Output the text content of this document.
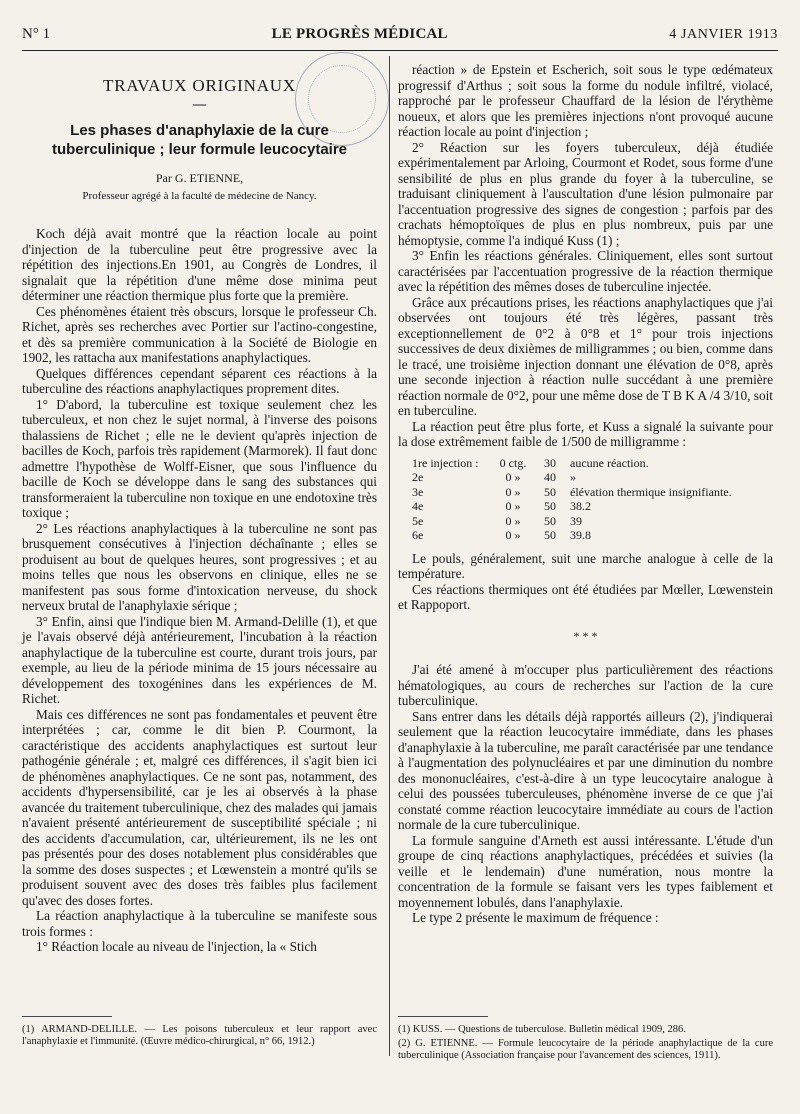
N° 1	LE PROGRÈS MÉDICAL	4 JANVIER 1913
TRAVAUX ORIGINAUX
—
Les phases d'anaphylaxie de la cure tuberculinique ; leur formule leucocytaire
Par G. ETIENNE,
Professeur agrégé à la faculté de médecine de Nancy.

Koch déjà avait montré que la réaction locale au point d'injection de la tuberculine peut être progressive avec la répétition des injections.En 1901, au Congrès de Londres, il signalait que la répétition d'une même dose minima peut déterminer une réaction thermique plus forte que la première.

Ces phénomènes étaient très obscurs, lorsque le professeur Ch. Richet, après ses recherches avec Portier sur l'actino-congestine, et dès sa première communication à la Société de Biologie en 1902, les rattacha aux manifestations anaphylactiques.

Quelques différences cependant séparent ces réactions à la tuberculine des réactions anaphylactiques proprement dites.

1° D'abord, la tuberculine est toxique seulement chez les tuberculeux, et non chez le sujet normal, à l'inverse des poisons thalassiens de Richet ; elle ne le devient qu'après injection de bacilles de Koch, parfois très rapidement (Marmorek). Il faut donc admettre l'hypothèse de Wolff-Eisner, que sous l'influence du bacille de Koch se développe dans le sang des substances qui transformeraient la tuberculine non toxique en une endotoxine très toxique ;

2° Les réactions anaphylactiques à la tuberculine ne sont pas brusquement consécutives à l'injection déchaînante ; elles se produisent au bout de quelques heures, sont progressives ; et au moins telles que nous les observons en clinique, elles ne se manifestent pas sous forme d'intoxication nerveuse, du shock nerveux brutal de l'anaphylaxie sérique ;

3° Enfin, ainsi que l'indique bien M. Armand-Delille (1), et que je l'avais observé déjà antérieurement, l'incubation à la réaction anaphylactique de la tuberculine est courte, durant trois jours, par exemple, au lieu de la période minima de 15 jours nécessaire au développement des toxogénines dans les expériences de M. Richet.

Mais ces différences ne sont pas fondamentales et peuvent être interprétées ; car, comme le dit bien P. Courmont, la caractéristique des accidents anaphylactiques est surtout leur pathogénie générale ; et, malgré ces différences, il s'agit bien ici de phénomènes anaphylactiques. Ce ne sont pas, notamment, des accidents d'hypersensibilité, car je les ai observés à la phase avancée du traitement tuberculinique, chez des malades qui jamais n'avaient présenté antérieurement de susceptibilité spéciale ; ni des accidents d'accumulation, car, ultérieurement, ils ne les ont pas présentés pour des doses notablement plus considérables que la somme des doses suspectes ; et Lœwenstein a montré qu'ils se produisent souvent avec des doses très faibles plus facilement qu'avec des doses fortes.

La réaction anaphylactique à la tuberculine se manifeste sous trois formes :

1° Réaction locale au niveau de l'injection, la « Stich

réaction » de Epstein et Escherich, soit sous le type œdémateux progressif d'Arthus ; soit sous la forme du nodule infiltré, violacé, rapproché par le professeur Chauffard de la lésion de l'érythème noueux, et alors que les premières injections n'ont provoqué aucune réaction locale au point d'injection ;

2° Réaction sur les foyers tuberculeux, déjà étudiée expérimentalement par Arloing, Courmont et Rodet, sous forme d'une sensibilité de plus en plus grande du foyer à la tuberculine, se traduisant cliniquement à l'auscultation d'une lésion pulmonaire par l'accentuation progressive des signes de congestion ; parfois par des crachats hémoptoïques de plus en plus nombreux, puis par une hémoptysie, comme l'a indiqué Kuss (1) ;

3° Enfin les réactions générales. Cliniquement, elles sont surtout caractérisées par l'accentuation progressive de la réaction thermique avec la répétition des mêmes doses de tuberculine injectée.

Grâce aux précautions prises, les réactions anaphylactiques que j'ai observées ont toujours été très légères, passant très exceptionnellement de 0°2 à 0°8 et 1° pour trois injections successives de deux dixièmes de milligrammes ; ou bien, comme dans le tracé, une troisième injection donnant une élévation de 0°8, après une seconde injection à réaction nulle succédant à une première réaction normale de 0°2, pour une même dose de T B K A /4 3/10, soit en tuberculine.

La réaction peut être plus forte, et Kuss a signalé la suivante pour la dose extrêmement faible de 1/500 de milligramme :

1re injection :	0 ctg.	30	aucune réaction.
2e	0 »	40	»
3e	0 »	50	élévation thermique insignifiante.
4e	0 »	50	38.2
5e	0 »	50	39
6e	0 »	50	39.8

Le pouls, généralement, suit une marche analogue à celle de la température.

Ces réactions thermiques ont été étudiées par Mœller, Lœwenstein et Rappoport.

* * *

J'ai été amené à m'occuper plus particulièrement des réactions hématologiques, au cours de recherches sur l'action de la cure tuberculinique.

Sans entrer dans les détails déjà rapportés ailleurs (2), j'indiquerai seulement que la réaction leucocytaire immédiate, dans les phases d'anaphylaxie à la tuberculine, me paraît caractérisée par une tendance à l'augmentation des polynucléaires et par une diminution du nombre des mononucléaires, c'est-à-dire à un type leucocytaire analogue à celui des poussées tuberculeuses, phénomène inverse de ce que j'ai constaté comme réaction leucocytaire immédiate au cours de l'action normale de la cure tuberculinique.

La formule sanguine d'Arneth est aussi intéressante. L'étude d'un groupe de cinq réactions anaphylactiques, précédées et suivies (la veille et le lendemain) d'une numération, nous montre la concentration de la formule se faisant vers les types faiblement et moyennement lobulés, dans l'anaphylaxie.

Le type 2 présente le maximum de fréquence :

(1) ARMAND-DELILLE. — Les poisons tuberculeux et leur rapport avec l'anaphylaxie et l'immunité. (Œuvre médico-chirurgical, n° 66, 1912.)

(1) KUSS. — Questions de tuberculose. Bulletin médical 1909, 286.

(2) G. ETIENNE. — Formule leucocytaire de la période anaphylactique de la cure tuberculinique (Association française pour l'avancement des sciences, 1911).
